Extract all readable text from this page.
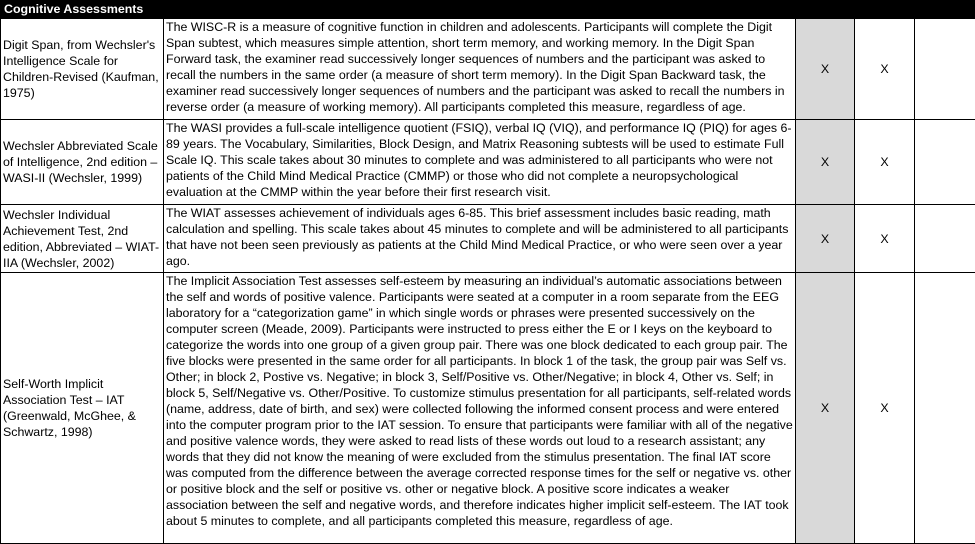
Cognitive Assessments				
Digit Span, from Wechsler's Intelligence Scale for Children-Revised (Kaufman, 1975)	The WISC-R is a measure of cognitive function in children and adolescents. Participants will complete the Digit Span subtest, which measures simple attention, short term memory, and working memory. In the Digit Span Forward task, the examiner read successively longer sequences of numbers and the participant was asked to recall the numbers in the same order (a measure of short term memory). In the Digit Span Backward task, the examiner read successively longer sequences of numbers and the participant was asked to recall the numbers in reverse order (a measure of working memory). All participants completed this measure, regardless of age.	X	X	
Wechsler Abbreviated Scale of Intelligence, 2nd edition – WASI-II (Wechsler, 1999)	The WASI provides a full-scale intelligence quotient (FSIQ), verbal IQ (VIQ), and performance IQ (PIQ) for ages 6-89 years. The Vocabulary, Similarities, Block Design, and Matrix Reasoning subtests will be used to estimate Full Scale IQ. This scale takes about 30 minutes to complete and was administered to all participants who were not patients of the Child Mind Medical Practice (CMMP) or those who did not complete a neuropsychological evaluation at the CMMP within the year before their first research visit.	X	X	
Wechsler Individual Achievement Test, 2nd edition, Abbreviated – WIAT-IIA (Wechsler, 2002)	The WIAT assesses achievement of individuals ages 6-85. This brief assessment includes basic reading, math calculation and spelling. This scale takes about 45 minutes to complete and will be administered to all participants that have not been seen previously as patients at the Child Mind Medical Practice, or who were seen over a year ago.	X	X	
Self-Worth Implicit Association Test – IAT (Greenwald, McGhee, & Schwartz, 1998)	The Implicit Association Test assesses self-esteem by measuring an individual’s automatic associations between the self and words of positive valence. Participants were seated at a computer in a room separate from the EEG laboratory for a “categorization game” in which single words or phrases were presented successively on the computer screen (Meade, 2009). Participants were instructed to press either the E or I keys on the keyboard to categorize the words into one group of a given group pair. There was one block dedicated to each group pair. The five blocks were presented in the same order for all participants. In block 1 of the task, the group pair was Self vs. Other; in block 2, Postive vs. Negative; in block 3, Self/Positive vs. Other/Negative; in block 4, Other vs. Self; in block 5, Self/Negative vs. Other/Positive. To customize stimulus presentation for all participants, self-related words (name, address, date of birth, and sex) were collected following the informed consent process and were entered into the computer program prior to the IAT session. To ensure that participants were familiar with all of the negative and positive valence words, they were asked to read lists of these words out loud to a research assistant; any words that they did not know the meaning of were excluded from the stimulus presentation. The final IAT score was computed from the difference between the average corrected response times for the self or negative vs. other or positive block and the self or positive vs. other or negative block. A positive score indicates a weaker association between the self and negative words, and therefore indicates higher implicit self-esteem. The IAT took about 5 minutes to complete, and all participants completed this measure, regardless of age.	X	X	
